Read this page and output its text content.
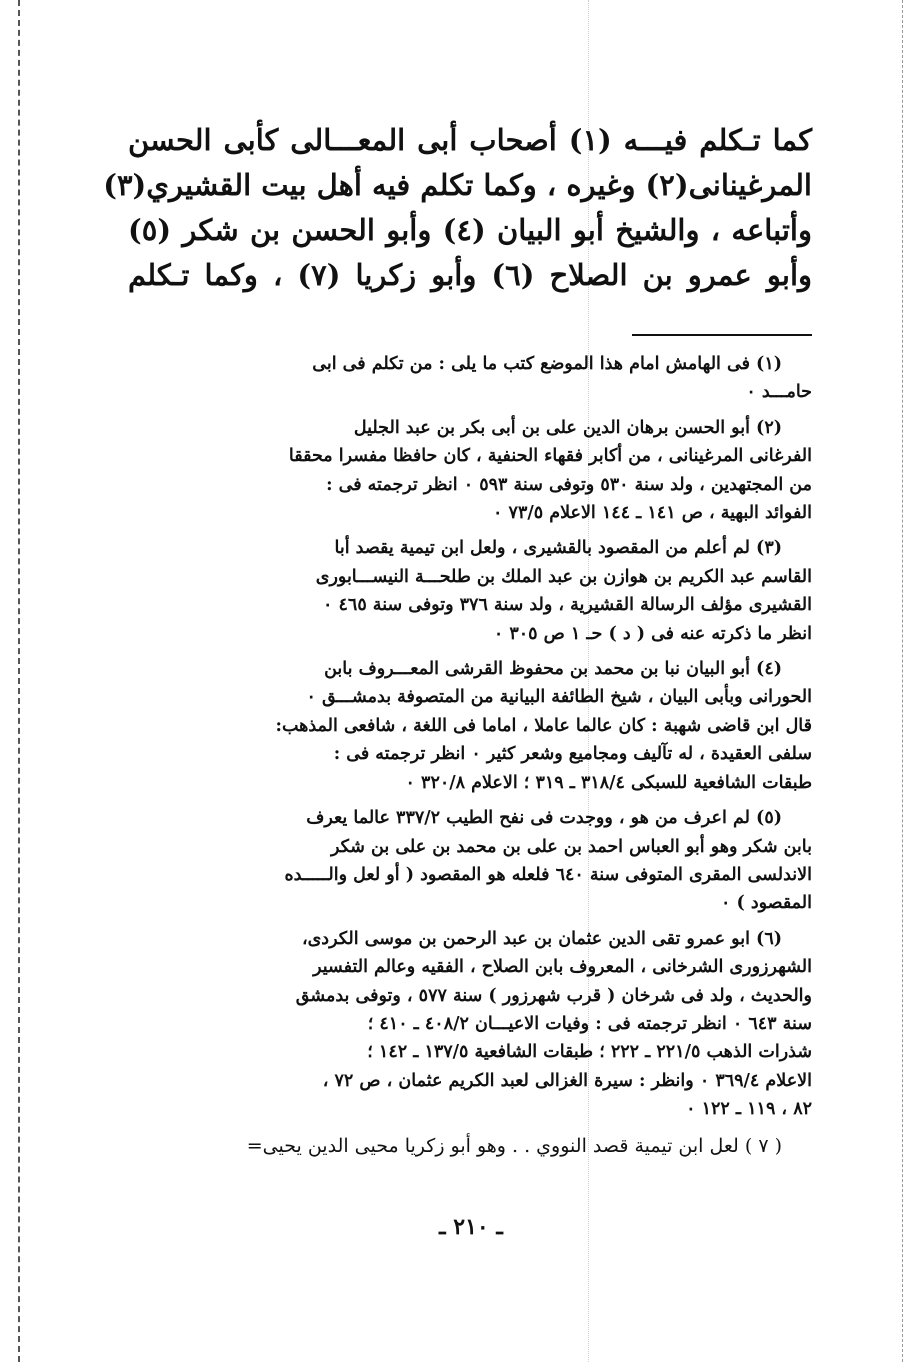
كما تـكلم فيـــه (١) أصحاب أبى المعـــالى كأبى الحسن
المرغينانى(٢) وغيره ، وكما تكلم فيه أهل بيت القشيري(٣)
وأتباعه ، والشيخ أبو البيان (٤) وأبو الحسن بن شكر (٥)
وأبو عمرو بن الصلاح (٦) وأبو زكريا (٧) ، وكما تـكلم

(١) فى الهامش امام هذا الموضع كتب ما يلى : من تكلم فى ابى
حامـــد ٠

(٢) أبو الحسن برهان الدين على بن أبى بكر بن عبد الجليل
الفرغانى المرغينانى ، من أكابر فقهاء الحنفية ، كان حافظا مفسرا محققا
من المجتهدين ، ولد سنة ٥٣٠ وتوفى سنة ٥٩٣ ٠ انظر ترجمته فى :
الفوائد البهية ، ص ١٤١ ـ ١٤٤ الاعلام ٧٣/٥ ٠

(٣) لم أعلم من المقصود بالقشيرى ، ولعل ابن تيمية يقصد أبا
القاسم عبد الكريم بن هوازن بن عبد الملك بن طلحـــة النيســـابورى
القشيرى مؤلف الرسالة القشيرية ، ولد سنة ٣٧٦ وتوفى سنة ٤٦٥ ٠
انظر ما ذكرته عنه فى ( د ) حـ ١ ص ٣٠٥ ٠

(٤) أبو البيان نبا بن محمد بن محفوظ القرشى المعـــروف بابن
الحورانى وبأبى البيان ، شيخ الطائفة البيانية من المتصوفة بدمشـــق ٠
قال ابن قاضى شهبة : كان عالما عاملا ، اماما فى اللغة ، شافعى المذهب:
سلفى العقيدة ، له تآليف ومجاميع وشعر كثير ٠ انظر ترجمته فى :
طبقات الشافعية للسبكى ٣١٨/٤ ـ ٣١٩ ؛ الاعلام ٣٢٠/٨ ٠

(٥) لم اعرف من هو ، ووجدت فى نفح الطيب ٣٣٧/٢ عالما يعرف
بابن شكر وهو أبو العباس احمد بن على بن محمد بن على بن شكر
الاندلسى المقرى المتوفى سنة ٦٤٠ فلعله هو المقصود ( أو لعل والـــــده
المقصود ) ٠

(٦) ابو عمرو تقى الدين عثمان بن عبد الرحمن بن موسى الكردى،
الشهرزورى الشرخانى ، المعروف بابن الصلاح ، الفقيه وعالم التفسير
والحديث ، ولد فى شرخان ( قرب شهرزور ) سنة ٥٧٧ ، وتوفى بدمشق
سنة ٦٤٣ ٠ انظر ترجمته فى : وفيات الاعيـــان ٤٠٨/٢ ـ ٤١٠ ؛
شذرات الذهب ٢٢١/٥ ـ ٢٢٢ ؛ طبقات الشافعية ١٣٧/٥ ـ ١٤٢ ؛
الاعلام ٣٦٩/٤ ٠ وانظر : سيرة الغزالى لعبد الكريم عثمان ، ص ٧٢ ،
٨٢ ، ١١٩ ـ ١٢٢ ٠

( ٧ ) لعل ابن تيمية قصد النووي . . وهو أبو زكريا محيى الدين يحيى=

ـ ٢١٠ ـ
